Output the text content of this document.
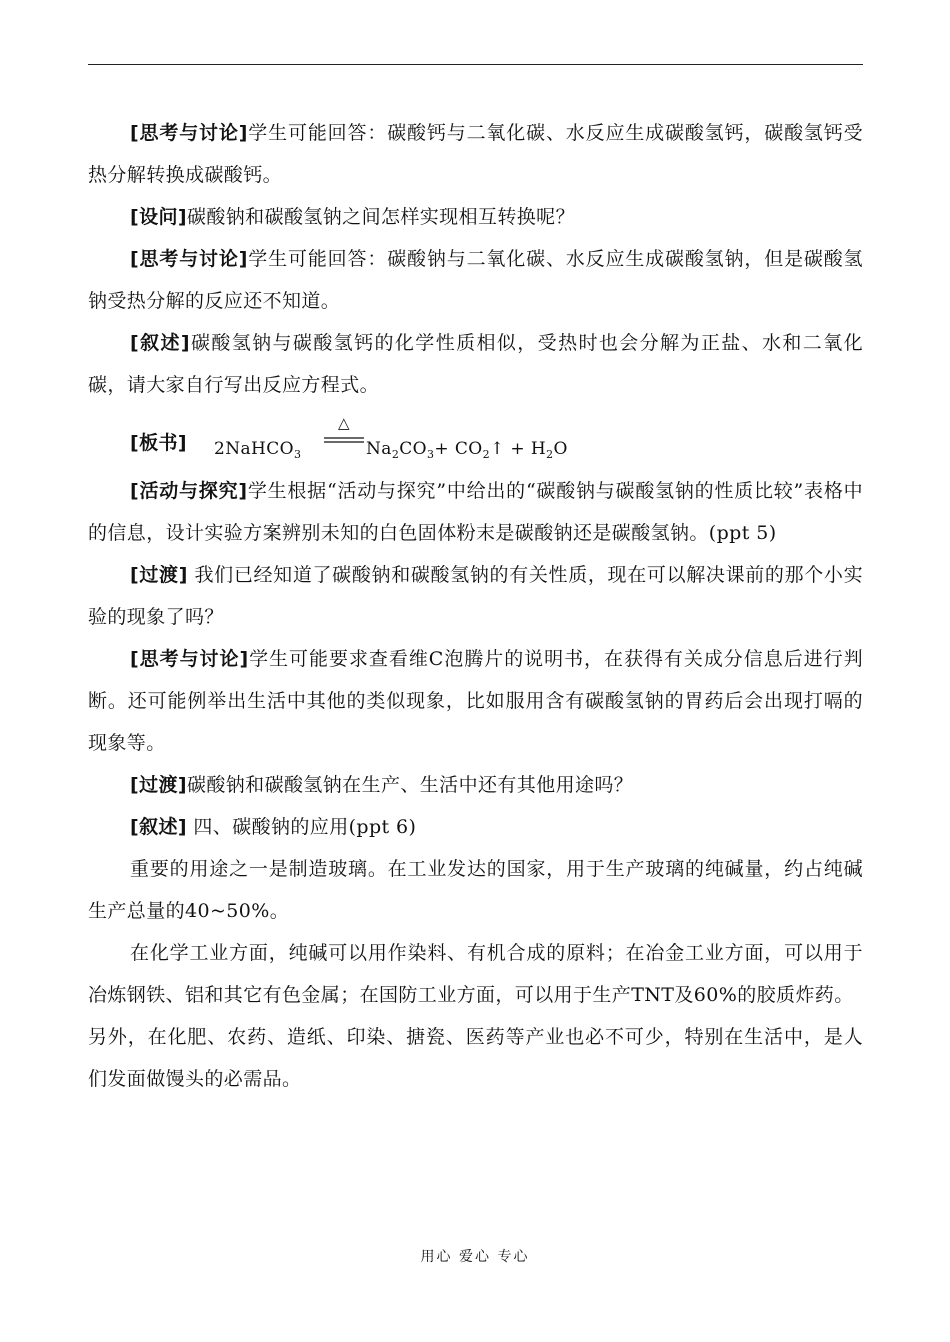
[思考与讨论]学生可能回答：碳酸钙与二氧化碳、水反应生成碳酸氢钙，碳酸氢钙受热分解转换成碳酸钙。

[设问]碳酸钠和碳酸氢钠之间怎样实现相互转换呢？

[思考与讨论]学生可能回答：碳酸钠与二氧化碳、水反应生成碳酸氢钠，但是碳酸氢钠受热分解的反应还不知道。

[叙述]碳酸氢钠与碳酸氢钙的化学性质相似，受热时也会分解为正盐、水和二氧化碳，请大家自行写出反应方程式。

[板书] 2NaHCO$_3$
△
$Na_2CO_3+$ $CO_2↑ + H_2O$

[活动与探究]学生根据“活动与探究”中给出的“碳酸钠与碳酸氢钠的性质比较”表格中的信息，设计实验方案辨别未知的白色固体粉末是碳酸钠还是碳酸氢钠。(ppt 5)

[过渡] 我们已经知道了碳酸钠和碳酸氢钠的有关性质，现在可以解决课前的那个小实验的现象了吗？

[思考与讨论]学生可能要求查看维C泡腾片的说明书，在获得有关成分信息后进行判断。还可能例举出生活中其他的类似现象，比如服用含有碳酸氢钠的胃药后会出现打嗝的现象等。

[过渡]碳酸钠和碳酸氢钠在生产、生活中还有其他用途吗？

[叙述] 四、碳酸钠的应用(ppt 6)

重要的用途之一是制造玻璃。在工业发达的国家，用于生产玻璃的纯碱量，约占纯碱生产总量的40~50%。

在化学工业方面，纯碱可以用作染料、有机合成的原料；在冶金工业方面，可以用于冶炼钢铁、铝和其它有色金属；在国防工业方面，可以用于生产TNT及60%的胶质炸药。

另外，在化肥、农药、造纸、印染、搪瓷、医药等产业也必不可少，特别在生活中，是人们发面做馒头的必需品。

用心 爱心 专心
